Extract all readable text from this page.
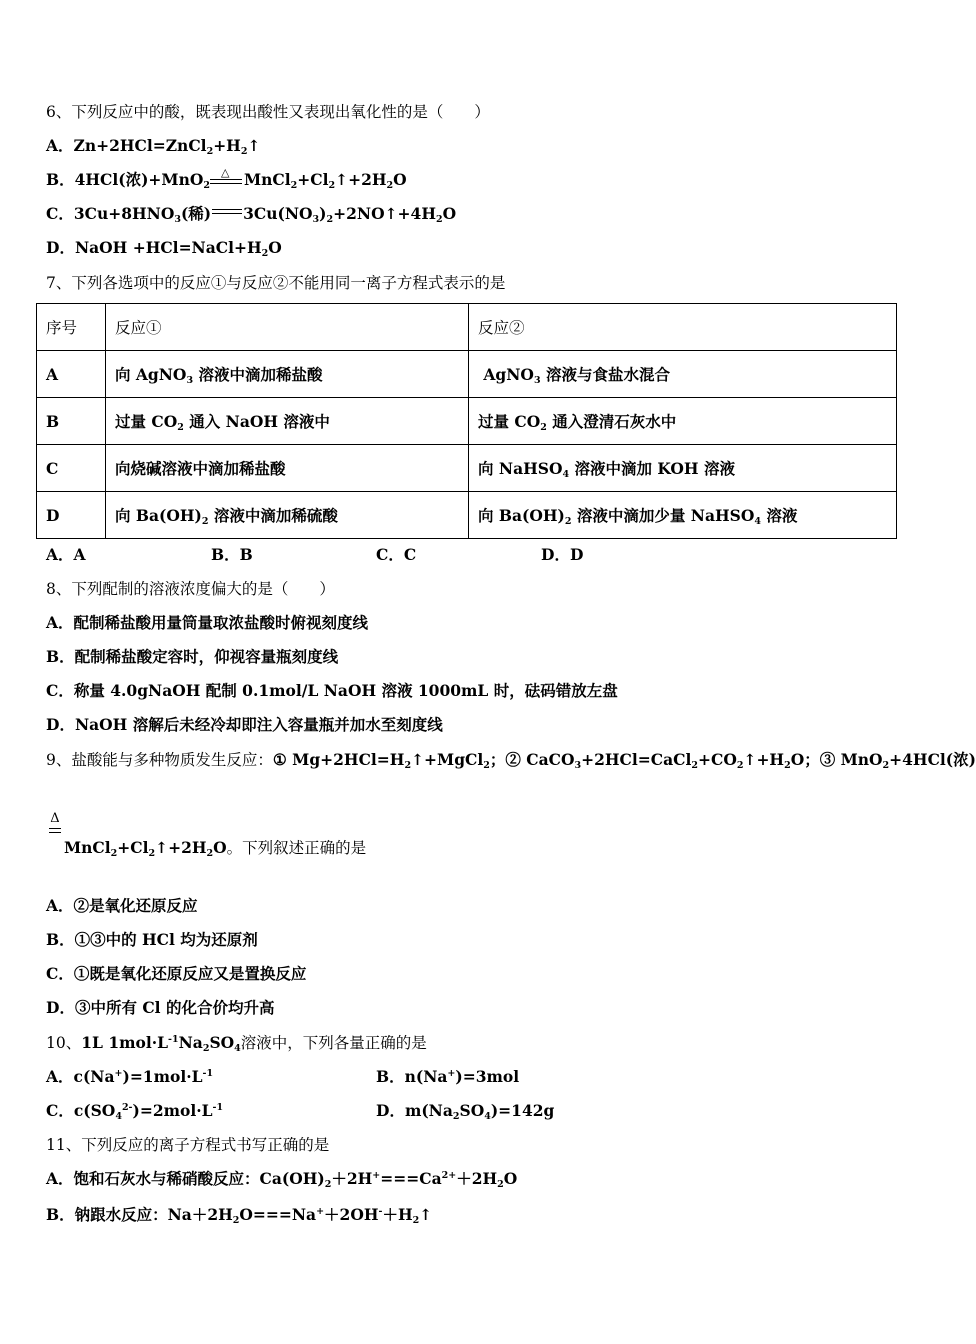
6、下列反应中的酸，既表现出酸性又表现出氧化性的是（　　）
A．$Zn+2HCl=ZnCl_2+H_2↑$
B．4HCl(浓)+MnO$_2$
△ $MnCl_2+Cl_2↑+2H_2O$
C．$3Cu+8HNO_3$(稀) $3Cu(NO_3)_2+2NO↑+4H_2O$
D．NaOH $+HCl=NaCl+H_2O$
7、下列各选项中的反应①与反应②不能用同一离子方程式表示的是
序号	反应①	反应②
A	向 AgNO$_3$ 溶液中滴加稀盐酸	AgNO$_3$ 溶液与食盐水混合
B	过量 $CO_2$ 通入 NaOH 溶液中	过量 $CO_2$ 通入澄清石灰水中
C	向烧碱溶液中滴加稀盐酸	向 NaHSO$_4$ 溶液中滴加 KOH 溶液
D	向 $Ba(OH)_2$ 溶液中滴加稀硫酸	向 $Ba(OH)_2$ 溶液中滴加少量 NaHSO$_4$ 溶液
A．A	B．B	C．C	D．D
8、下列配制的溶液浓度偏大的是（　　）
A．配制稀盐酸用量筒量取浓盐酸时俯视刻度线
B．配制稀盐酸定容时，仰视容量瓶刻度线
C．称量 4.0gNaOH 配制 0.1mol/L NaOH 溶液 1000mL 时，砝码错放左盘
D．NaOH 溶解后未经冷却即注入容量瓶并加水至刻度线
9、盐酸能与多种物质发生反应：① $Mg+2HCl=H_2↑+MgCl_2$；② $CaCO_3+2HCl=CaCl_2+CO_2↑+H_2O$；③ MnO$_2$+4HCl(浓)
Δ
$MnCl_2+Cl_2↑+2H_2O$。下列叙述正确的是
A．②是氧化还原反应
B．①③中的 HCl 均为还原剂
C．①既是氧化还原反应又是置换反应
D．③中所有 Cl 的化合价均升高
10、1L $1mol\cdot L^{-1}Na_2SO_4$溶液中，下列各量正确的是
A．$c(Na^+)=1mol\cdot L^{-1}$	B．n(Na+)=3mol
C．$c(SO_4^{2-})=2mol\cdot L^{-1}$	D．$m(Na_2SO_4)=142g$
11、下列反应的离子方程式书写正确的是
A．饱和石灰水与稀硝酸反应：$Ca(OH)_2+2H^+===Ca^{2+}+2H_2O$
B．钠跟水反应：$Na+2H_2O===Na^++2OH^-+H_2↑$
